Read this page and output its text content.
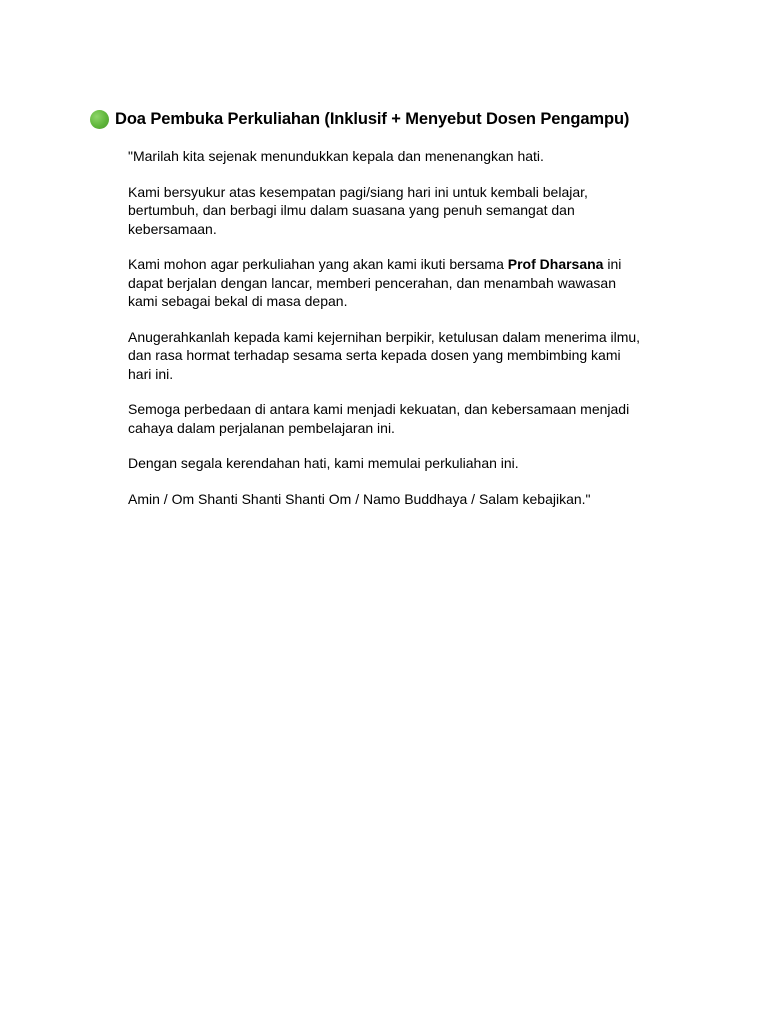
Doa Pembuka Perkuliahan (Inklusif + Menyebut Dosen Pengampu)

"Marilah kita sejenak menundukkan kepala dan menenangkan hati.

Kami bersyukur atas kesempatan pagi/siang hari ini untuk kembali belajar,
bertumbuh, dan berbagi ilmu dalam suasana yang penuh semangat dan
kebersamaan.

Kami mohon agar perkuliahan yang akan kami ikuti bersama Prof Dharsana ini
dapat berjalan dengan lancar, memberi pencerahan, dan menambah wawasan
kami sebagai bekal di masa depan.

Anugerahkanlah kepada kami kejernihan berpikir, ketulusan dalam menerima ilmu,
dan rasa hormat terhadap sesama serta kepada dosen yang membimbing kami
hari ini.

Semoga perbedaan di antara kami menjadi kekuatan, dan kebersamaan menjadi
cahaya dalam perjalanan pembelajaran ini.

Dengan segala kerendahan hati, kami memulai perkuliahan ini.

Amin / Om Shanti Shanti Shanti Om / Namo Buddhaya / Salam kebajikan."
